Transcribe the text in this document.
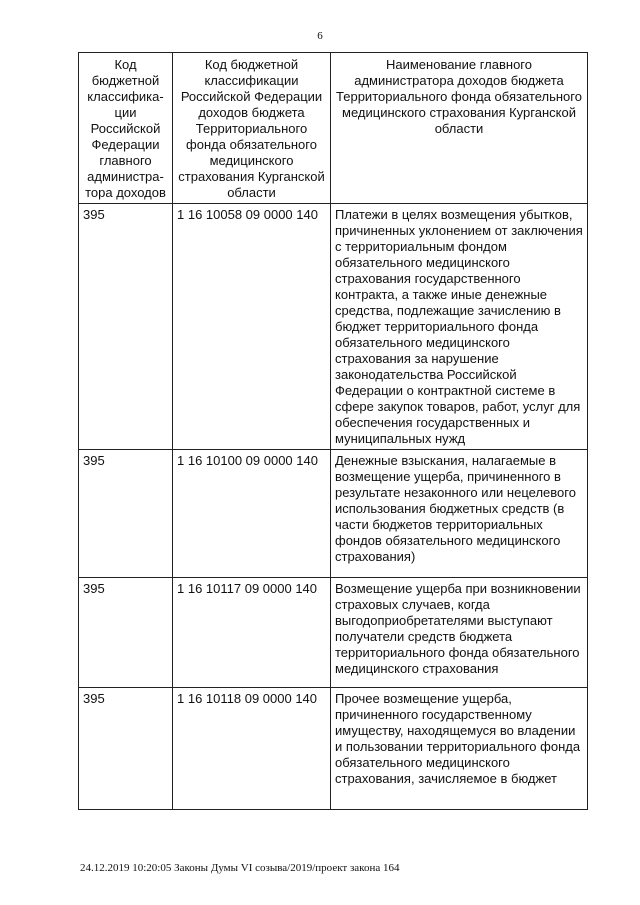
6
Код бюджетной классифика-ции Российской Федерации главного администра-тора доходов	Код бюджетной классификации Российской Федерации доходов бюджета Территориального фонда обязательного медицинского страхования Курганской области	Наименование главного администратора доходов бюджета Территориального фонда обязательного медицинского страхования Курганской области
395	1 16 10058 09 0000 140	Платежи в целях возмещения убытков, причиненных уклонением от заключения с территориальным фондом обязательного медицинского страхования государственного контракта, а также иные денежные средства, подлежащие зачислению в бюджет территориального фонда обязательного медицинского страхования за нарушение законодательства Российской Федерации о контрактной системе в сфере закупок товаров, работ, услуг для обеспечения государственных и муниципальных нужд
395	1 16 10100 09 0000 140	Денежные взыскания, налагаемые в возмещение ущерба, причиненного в результате незаконного или нецелевого использования бюджетных средств (в части бюджетов территориальных фондов обязательного медицинского страхования)
395	1 16 10117 09 0000 140	Возмещение ущерба при возникновении страховых случаев, когда выгодоприобретателями выступают получатели средств бюджета территориального фонда обязательного медицинского страхования
395	1 16 10118 09 0000 140	Прочее возмещение ущерба, причиненного государственному имуществу, находящемуся во владении и пользовании территориального фонда обязательного медицинского страхования, зачисляемое в бюджет
24.12.2019 10:20:05 Законы Думы VI созыва/2019/проект закона 164
